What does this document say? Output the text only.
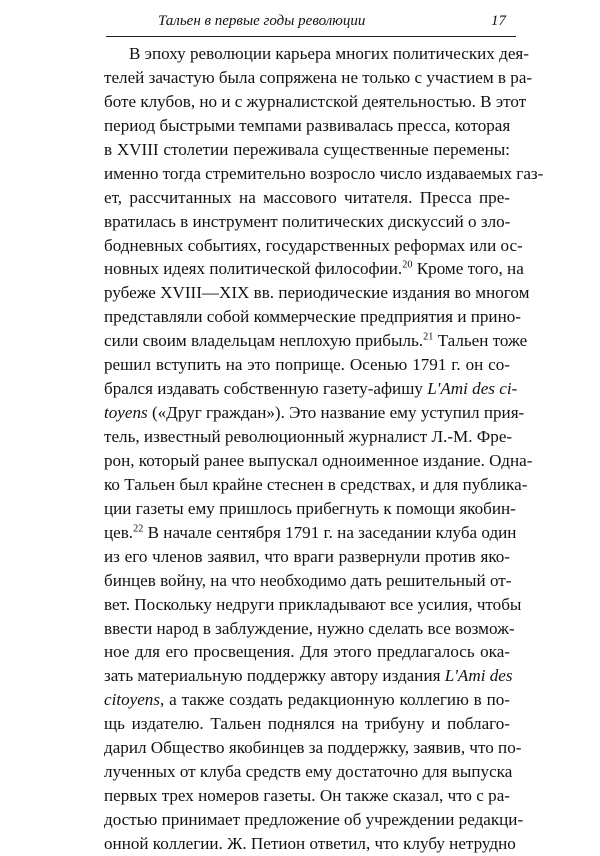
Тальен в первые годы революции	17
В эпоху революции карьера многих политических дея-
телей зачастую была сопряжена не только с участием в ра-
боте клубов, но и с журналистской деятельностью. В этот
период быстрыми темпами развивалась пресса, которая
в XVIII столетии переживала существенные перемены:
именно тогда стремительно возросло число издаваемых газ-
ет, рассчитанных на массового читателя. Пресса пре-
вратилась в инструмент политических дискуссий о зло-
бодневных событиях, государственных реформах или ос-
новных идеях политической философии.$^{20}$ Кроме того, на
рубеже XVIII—XIX вв. периодические издания во многом
представляли собой коммерческие предприятия и прино-
сили своим владельцам неплохую прибыль.$^{21}$ Тальен тоже
решил вступить на это поприще. Осенью 1791 г. он со-
брался издавать собственную газету-афишу L'Ami des ci-
toyens («Друг граждан»). Это название ему уступил прия-
тель, известный революционный журналист Л.-М. Фре-
рон, который ранее выпускал одноименное издание. Одна-
ко Тальен был крайне стеснен в средствах, и для публика-
ции газеты ему пришлось прибегнуть к помощи якобин-
цев.$^{22}$ В начале сентября 1791 г. на заседании клуба один
из его членов заявил, что враги развернули против яко-
бинцев войну, на что необходимо дать решительный от-
вет. Поскольку недруги прикладывают все усилия, чтобы
ввести народ в заблуждение, нужно сделать все возмож-
ное для его просвещения. Для этого предлагалось ока-
зать материальную поддержку автору издания L'Ami des
citoyens, а также создать редакционную коллегию в по-
щь издателю. Тальен поднялся на трибуну и поблаго-
дарил Общество якобинцев за поддержку, заявив, что по-
лученных от клуба средств ему достаточно для выпуска
первых трех номеров газеты. Он также сказал, что с ра-
достью принимает предложение об учреждении редакци-
онной коллегии. Ж. Петион ответил, что клубу нетрудно
